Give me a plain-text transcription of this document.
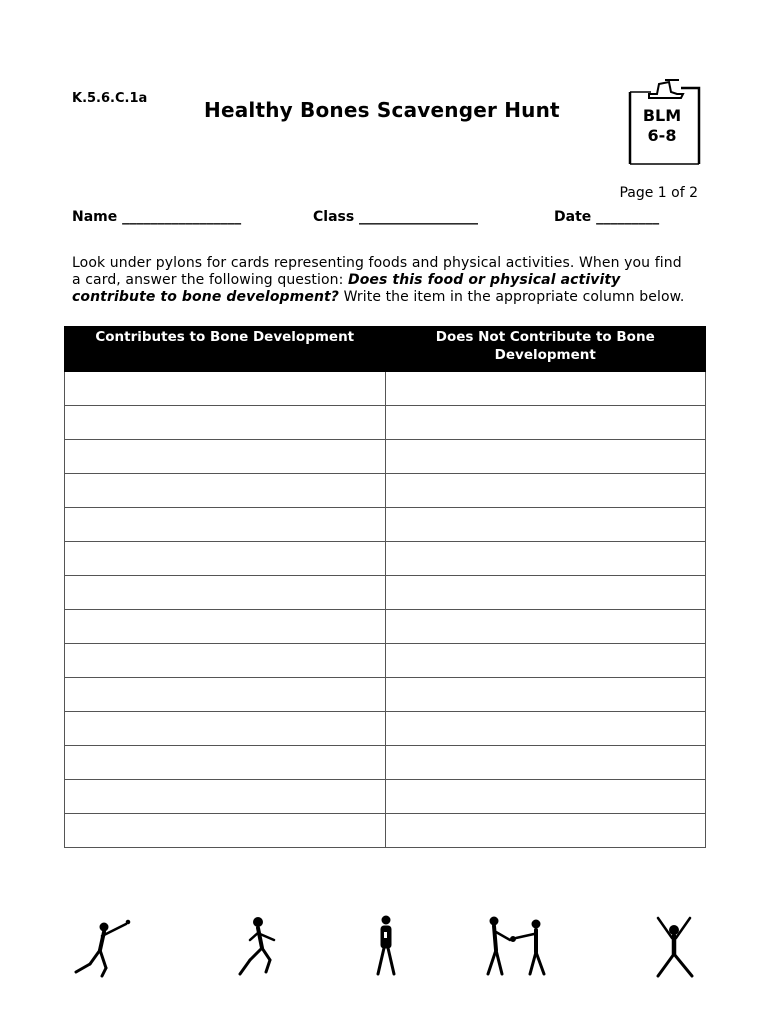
K.5.6.C.1a	Healthy Bones Scavenger Hunt	BLM
6-8
Page 1 of 2
Name _________________	Class _________________	Date _________
Look under pylons for cards representing foods and physical activities. When you find a card, answer the following question: Does this food or physical activity contribute to bone development? Write the item in the appropriate column below.
Contributes to Bone Development	Does Not Contribute to Bone Development
